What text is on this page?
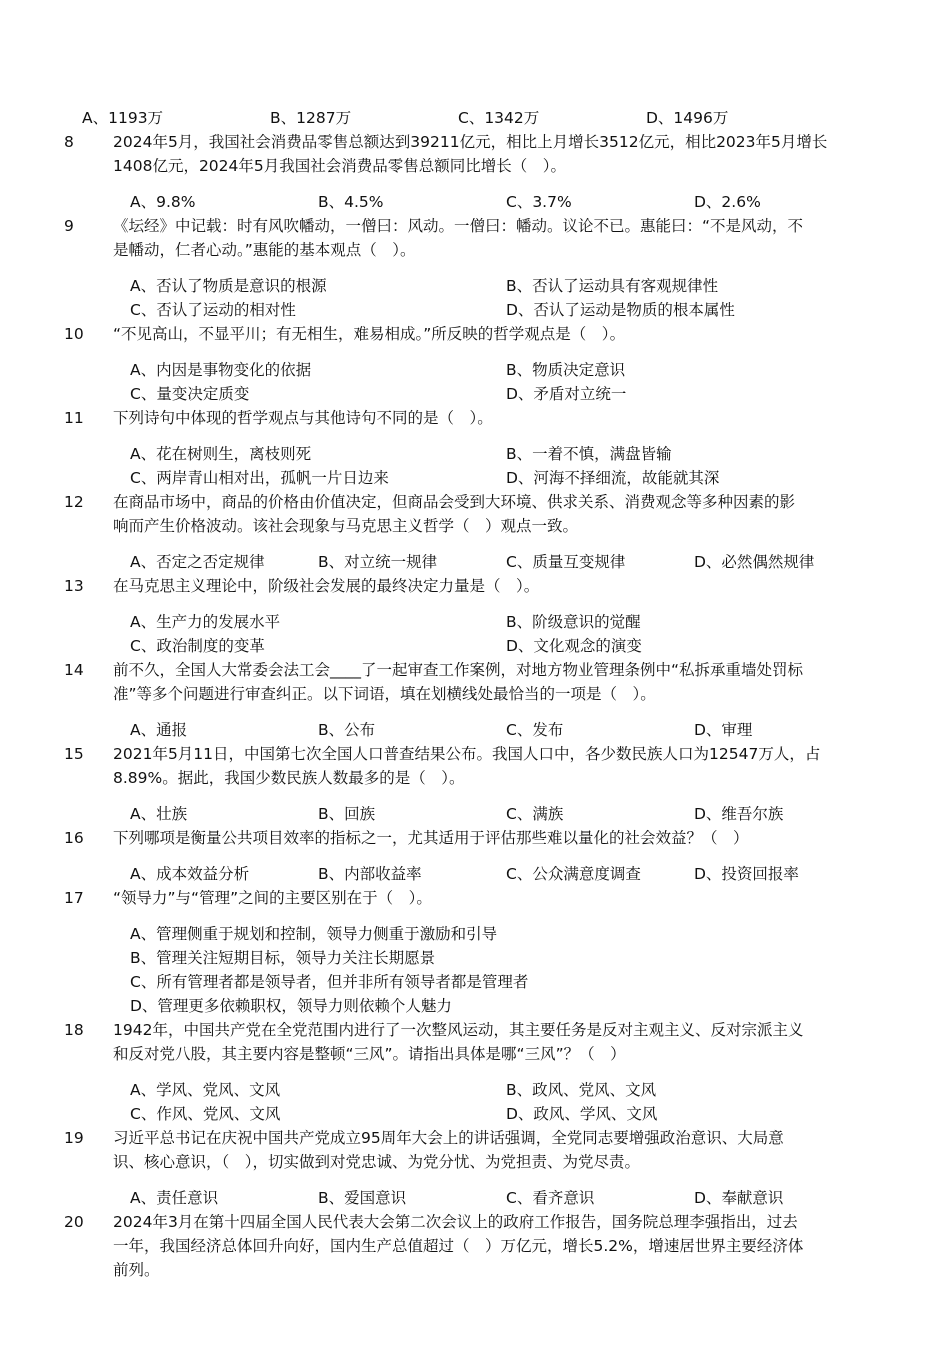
A、1193万	B、1287万	C、1342万	D、1496万
8	2024年5月，我国社会消费品零售总额达到39211亿元，相比上月增长3512亿元，相比2023年5月增长
1408亿元，2024年5月我国社会消费品零售总额同比增长（　）。
A、9.8%	B、4.5%	C、3.7%	D、2.6%
9	《坛经》中记载：时有风吹幡动，一僧曰：风动。一僧曰：幡动。议论不已。惠能曰：“不是风动，不
是幡动，仁者心动。”惠能的基本观点（　）。
A、否认了物质是意识的根源	B、否认了运动具有客观规律性
C、否认了运动的相对性	D、否认了运动是物质的根本属性
10 “不见高山，不显平川；有无相生，难易相成。”所反映的哲学观点是（　）。
A、内因是事物变化的依据	B、物质决定意识
C、量变决定质变	D、矛盾对立统一
11 下列诗句中体现的哲学观点与其他诗句不同的是（　）。
A、花在树则生，离枝则死	B、一着不慎，满盘皆输
C、两岸青山相对出，孤帆一片日边来	D、河海不择细流，故能就其深
12 在商品市场中，商品的价格由价值决定，但商品会受到大环境、供求关系、消费观念等多种因素的影
响而产生价格波动。该社会现象与马克思主义哲学（　）观点一致。
A、否定之否定规律	B、对立统一规律	C、质量互变规律	D、必然偶然规律
13 在马克思主义理论中，阶级社会发展的最终决定力量是（　）。
A、生产力的发展水平	B、阶级意识的觉醒
C、政治制度的变革	D、文化观念的演变
14 前不久，全国人大常委会法工会____了一起审查工作案例，对地方物业管理条例中“私拆承重墙处罚标
准”等多个问题进行审查纠正。以下词语，填在划横线处最恰当的一项是（　）。
A、通报	B、公布	C、发布	D、审理
15 2021年5月11日，中国第七次全国人口普查结果公布。我国人口中，各少数民族人口为12547万人，占
8.89%。据此，我国少数民族人数最多的是（　）。
A、壮族	B、回族	C、满族	D、维吾尔族
16 下列哪项是衡量公共项目效率的指标之一，尤其适用于评估那些难以量化的社会效益？（　）
A、成本效益分析	B、内部收益率	C、公众满意度调查	D、投资回报率
17 “领导力”与“管理”之间的主要区别在于（　）。
A、管理侧重于规划和控制，领导力侧重于激励和引导
B、管理关注短期目标，领导力关注长期愿景
C、所有管理者都是领导者，但并非所有领导者都是管理者
D、管理更多依赖职权，领导力则依赖个人魅力
18 1942年，中国共产党在全党范围内进行了一次整风运动，其主要任务是反对主观主义、反对宗派主义
和反对党八股，其主要内容是整顿“三风”。请指出具体是哪“三风”？（　）
A、学风、党风、文风	B、政风、党风、文风
C、作风、党风、文风	D、政风、学风、文风
19 习近平总书记在庆祝中国共产党成立95周年大会上的讲话强调，全党同志要增强政治意识、大局意
识、核心意识，（　），切实做到对党忠诚、为党分忧、为党担责、为党尽责。
A、责任意识	B、爱国意识	C、看齐意识	D、奉献意识
20 2024年3月在第十四届全国人民代表大会第二次会议上的政府工作报告，国务院总理李强指出，过去
一年，我国经济总体回升向好，国内生产总值超过（　）万亿元，增长5.2%，增速居世界主要经济体
前列。
